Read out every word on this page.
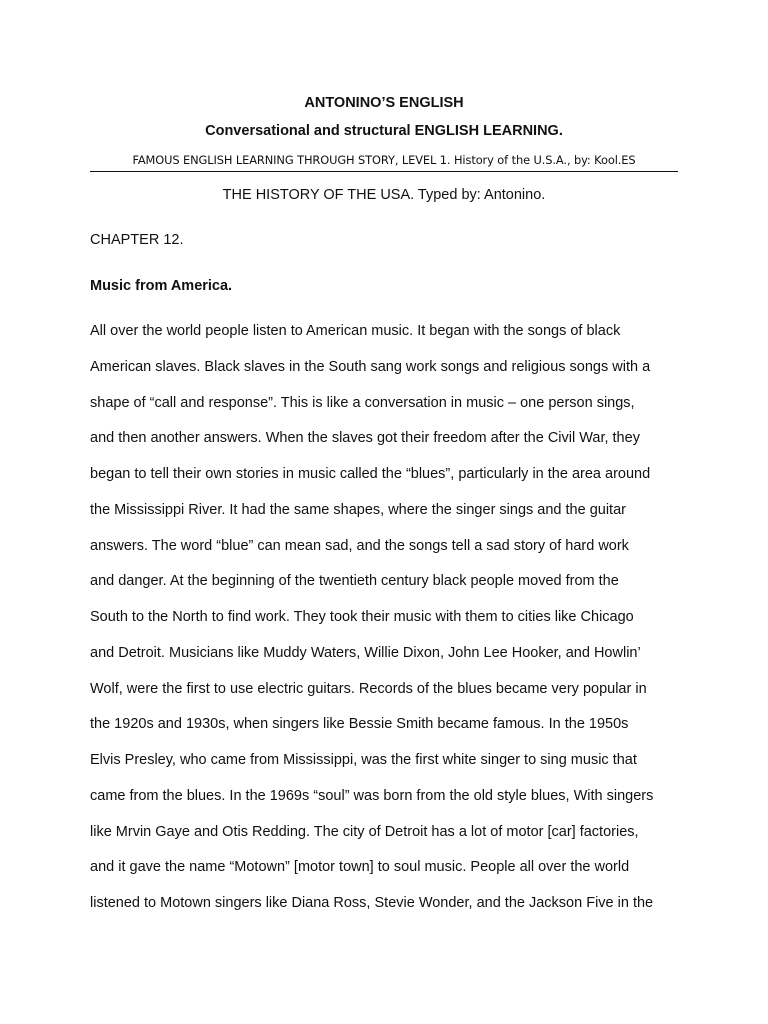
ANTONINO’S ENGLISH
Conversational and structural ENGLISH LEARNING.
FAMOUS ENGLISH LEARNING THROUGH STORY, LEVEL 1. History of the U.S.A., by: Kool.ES
THE HISTORY OF THE USA. Typed by: Antonino.
CHAPTER 12.
Music from America.
All over the world people listen to American music. It began with the songs of black
American slaves. Black slaves in the South sang work songs and religious songs with a
shape of “call and response”. This is like a conversation in music – one person sings,
and then another answers. When the slaves got their freedom after the Civil War, they
began to tell their own stories in music called the “blues”, particularly in the area around
the Mississippi River. It had the same shapes, where the singer sings and the guitar
answers. The word “blue” can mean sad, and the songs tell a sad story of hard work
and danger. At the beginning of the twentieth century black people moved from the
South to the North to find work. They took their music with them to cities like Chicago
and Detroit. Musicians like Muddy Waters, Willie Dixon, John Lee Hooker, and Howlin’
Wolf, were the first to use electric guitars. Records of the blues became very popular in
the 1920s and 1930s, when singers like Bessie Smith became famous. In the 1950s
Elvis Presley, who came from Mississippi, was the first white singer to sing music that
came from the blues. In the 1969s “soul” was born from the old style blues, With singers
like Mrvin Gaye and Otis Redding. The city of Detroit has a lot of motor [car] factories,
and it gave the name “Motown” [motor town] to soul music. People all over the world
listened to Motown singers like Diana Ross, Stevie Wonder, and the Jackson Five in the
